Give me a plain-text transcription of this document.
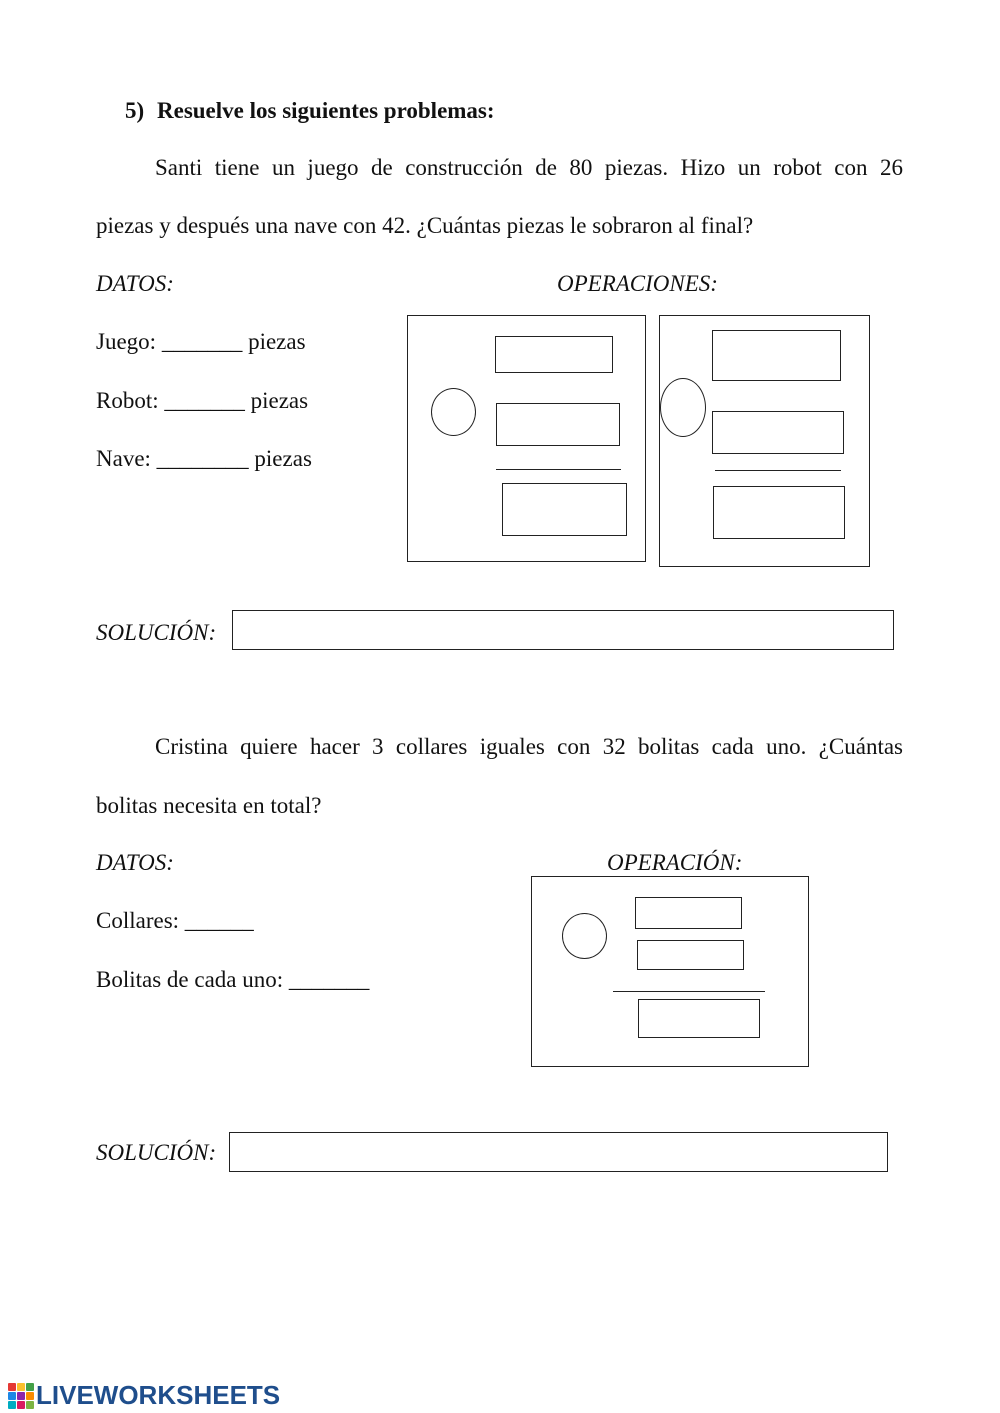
5) Resuelve los siguientes problemas:
Santi tiene un juego de construcción de 80 piezas. Hizo un robot con 26
piezas y después una nave con 42. ¿Cuántas piezas le sobraron al final?
DATOS:	OPERACIONES:
Juego: _______ piezas
Robot: _______ piezas
Nave: ________ piezas
SOLUCIÓN:
Cristina quiere hacer 3 collares iguales con 32 bolitas cada uno. ¿Cuántas
bolitas necesita en total?
DATOS:	OPERACIÓN:
Collares: ______
Bolitas de cada uno: _______
SOLUCIÓN:
LIVEWORKSHEETS
